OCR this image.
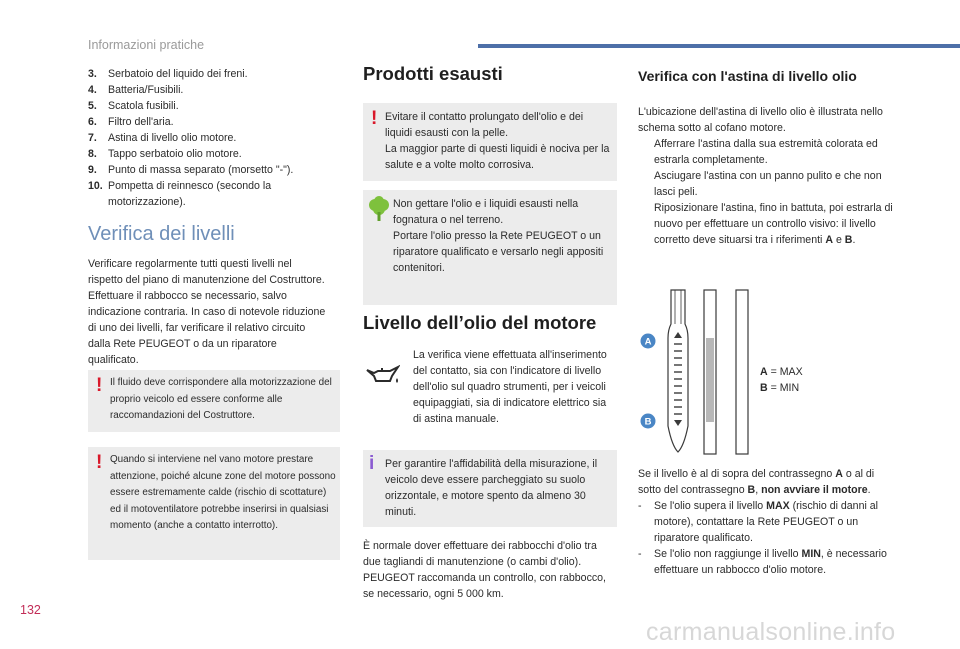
Informazioni pratiche
3.	Serbatoio del liquido dei freni.
4.	Batteria/Fusibili.
5.	Scatola fusibili.
6.	Filtro dell'aria.
7.	Astina di livello olio motore.
8.	Tappo serbatoio olio motore.
9.	Punto di massa separato (morsetto "-").
10. Pompetta di reinnesco (secondo la motorizzazione).
Verifica dei livelli

Verificare regolarmente tutti questi livelli nel rispetto del piano di manutenzione del Costruttore. Effettuare il rabbocco se necessario, salvo indicazione contraria. In caso di notevole riduzione di uno dei livelli, far verificare il relativo circuito dalla Rete PEUGEOT o da un riparatore qualificato.

! Il fluido deve corrispondere alla motorizzazione del proprio veicolo ed essere conforme alle raccomandazioni del Costruttore.
! Quando si interviene nel vano motore prestare attenzione, poiché alcune zone del motore possono essere estremamente calde (rischio di scottature) ed il motoventilatore potrebbe inserirsi in qualsiasi momento (anche a contatto interrotto).
Prodotti esausti
! Evitare il contatto prolungato dell'olio e dei liquidi esausti con la pelle.
La maggior parte di questi liquidi è nociva per la salute e a volte molto corrosiva.
Non gettare l'olio e i liquidi esausti nella fognatura o nel terreno.
Portare l'olio presso la Rete PEUGEOT o un riparatore qualificato e versarlo negli appositi contenitori.
Livello dell’olio del motore

La verifica viene effettuata all'inserimento del contatto, sia con l'indicatore di livello dell'olio sul quadro strumenti, per i veicoli equipaggiati, sia di indicatore elettrico sia di astina manuale.

i Per garantire l'affidabilità della misurazione, il veicolo deve essere parcheggiato su suolo orizzontale, e motore spento da almeno 30 minuti.

È normale dover effettuare dei rabbocchi d'olio tra due tagliandi di manutenzione (o cambi d'olio). PEUGEOT raccomanda un controllo, con rabbocco, se necessario, ogni 5 000 km.

Verifica con l'astina di livello olio

L'ubicazione dell'astina di livello olio è illustrata nello schema sotto al cofano motore.

Afferrare l'astina dalla sua estremità colorata ed estrarla completamente.
Asciugare l'astina con un panno pulito e che non lasci peli.
Riposizionare l'astina, fino in battuta, poi estrarla di nuovo per effettuare un controllo visivo: il livello corretto deve situarsi tra i riferimenti A e B.
A
B
A = MAX
B = MIN

Se il livello è al di sopra del contrassegno A o al di sotto del contrassegno B, non avviare il motore.

-	Se l'olio supera il livello MAX (rischio di danni al motore), contattare la Rete PEUGEOT o un riparatore qualificato.
-	Se l'olio non raggiunge il livello MIN, è necessario effettuare un rabbocco d'olio motore.
132
carmanualsonline.info
